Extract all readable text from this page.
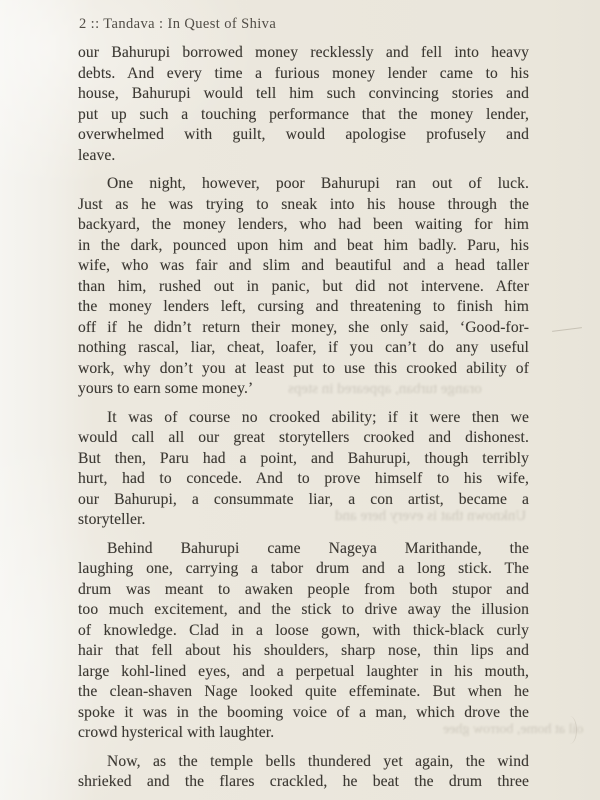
2 :: Tandava : In Quest of Shiva
our Bahurupi borrowed money recklessly and fell into heavy
debts. And every time a furious money lender came to his
house, Bahurupi would tell him such convincing stories and
put up such a touching performance that the money lender,
overwhelmed with guilt, would apologise profusely and
leave.
One night, however, poor Bahurupi ran out of luck.
Just as he was trying to sneak into his house through the
backyard, the money lenders, who had been waiting for him
in the dark, pounced upon him and beat him badly. Paru, his
wife, who was fair and slim and beautiful and a head taller
than him, rushed out in panic, but did not intervene. After
the money lenders left, cursing and threatening to finish him
off if he didn’t return their money, she only said, ‘Good-for-
nothing rascal, liar, cheat, loafer, if you can’t do any useful
work, why don’t you at least put to use this crooked ability of
yours to earn some money.’
It was of course no crooked ability; if it were then we
would call all our great storytellers crooked and dishonest.
But then, Paru had a point, and Bahurupi, though terribly
hurt, had to concede. And to prove himself to his wife,
our Bahurupi, a consummate liar, a con artist, became a
storyteller.
Behind Bahurupi came Nageya Marithande, the
laughing one, carrying a tabor drum and a long stick. The
drum was meant to awaken people from both stupor and
too much excitement, and the stick to drive away the illusion
of knowledge. Clad in a loose gown, with thick-black curly
hair that fell about his shoulders, sharp nose, thin lips and
large kohl-lined eyes, and a perpetual laughter in his mouth,
the clean-shaven Nage looked quite effeminate. But when he
spoke it was in the booming voice of a man, which drove the
crowd hysterical with laughter.
Now, as the temple bells thundered yet again, the wind
shrieked and the flares crackled, he beat the drum three
orange turban, appeared in steps
Unknown that is every here and
oil at home, borrow ghee
